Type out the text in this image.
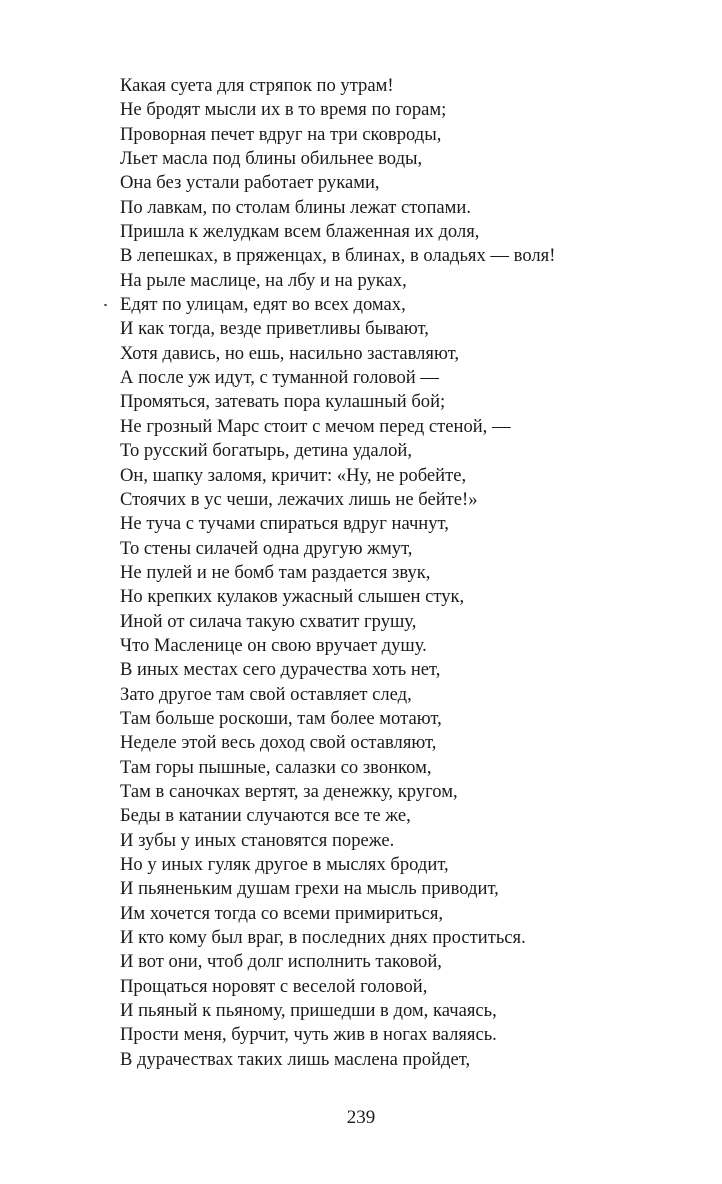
Какая суета для стряпок по утрам!
Не бродят мысли их в то время по горам;
Проворная печет вдруг на три сковроды,
Льет масла под блины обильнее воды,
Она без устали работает руками,
По лавкам, по столам блины лежат стопами.
Пришла к желудкам всем блаженная их доля,
В лепешках, в пряженцах, в блинах, в оладьях — воля!
На рыле маслице, на лбу и на руках,
Едят по улицам, едят во всех домах,
И как тогда, везде приветливы бывают,
Хотя давись, но ешь, насильно заставляют,
А после уж идут, с туманной головой —
Промяться, затевать пора кулашный бой;
Не грозный Марс стоит с мечом перед стеной, —
То русский богатырь, детина удалой,
Он, шапку заломя, кричит: «Ну, не робейте,
Стоячих в ус чеши, лежачих лишь не бейте!»
Не туча с тучами спираться вдруг начнут,
То стены силачей одна другую жмут,
Не пулей и не бомб там раздается звук,
Но крепких кулаков ужасный слышен стук,
Иной от силача такую схватит грушу,
Что Масленице он свою вручает душу.
В иных местах сего дурачества хоть нет,
Зато другое там свой оставляет след,
Там больше роскоши, там более мотают,
Неделе этой весь доход свой оставляют,
Там горы пышные, салазки со звонком,
Там в саночках вертят, за денежку, кругом,
Беды в катании случаются все те же,
И зубы у иных становятся пореже.
Но у иных гуляк другое в мыслях бродит,
И пьяненьким душам грехи на мысль приводит,
Им хочется тогда со всеми примириться,
И кто кому был враг, в последних днях проститься.
И вот они, чтоб долг исполнить таковой,
Прощаться норовят с веселой головой,
И пьяный к пьяному, пришедши в дом, качаясь,
Прости меня, бурчит, чуть жив в ногах валяясь.
В дурачествах таких лишь маслена пройдет,
239
